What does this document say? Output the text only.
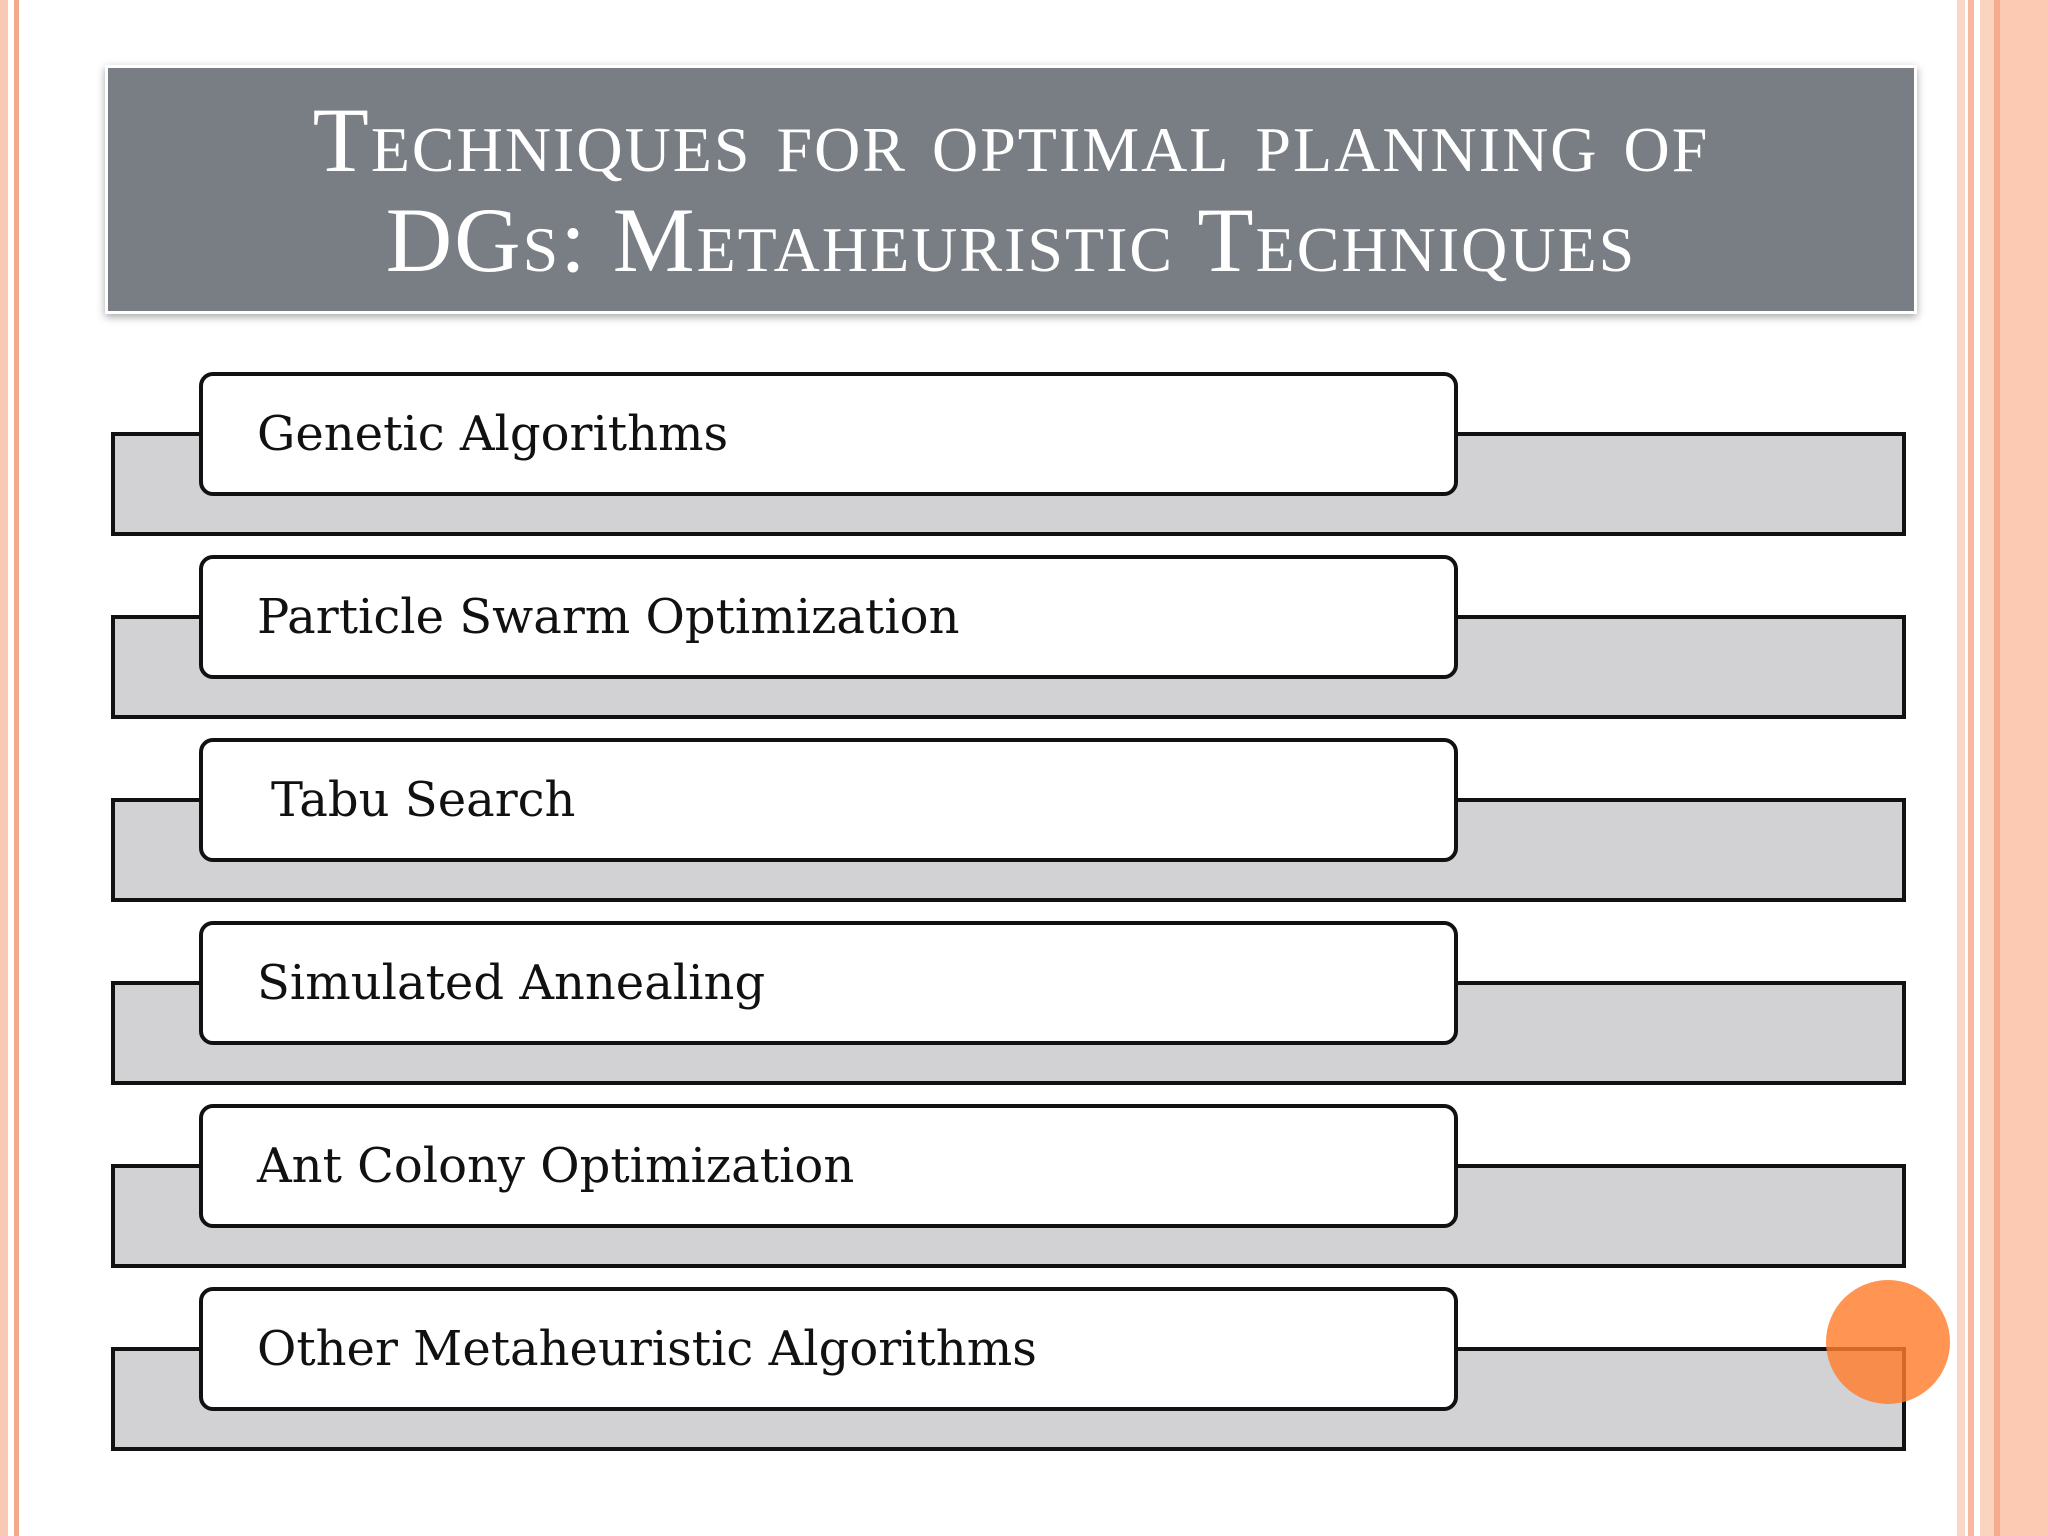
Techniques for optimal planning of
DGs: Metaheuristic Techniques
Genetic Algorithms
Particle Swarm Optimization
Tabu Search
Simulated Annealing
Ant Colony Optimization
Other Metaheuristic Algorithms
